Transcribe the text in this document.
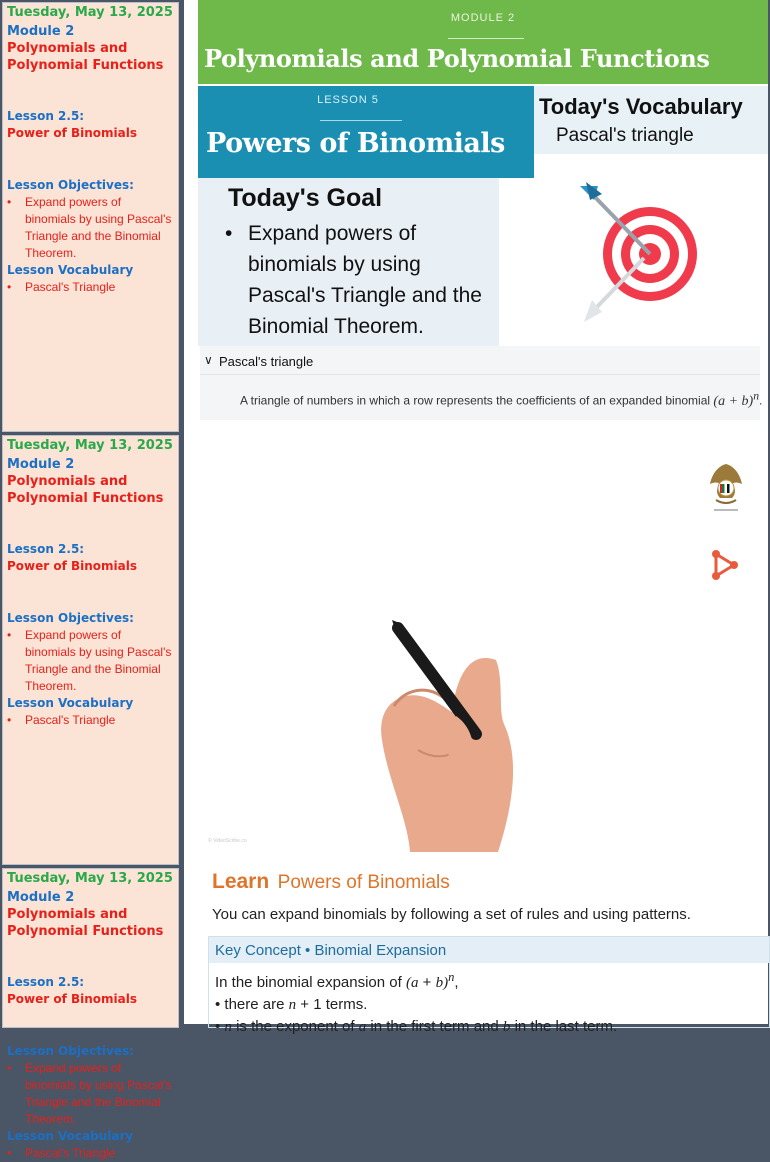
Tuesday, May 13, 2025
Module 2
Polynomials and Polynomial Functions
Lesson 2.5:
Power of Binomials
Lesson Objectives:
• Expand powers of binomials by using Pascal's Triangle and the Binomial Theorem.
Lesson Vocabulary
• Pascal's Triangle
Tuesday, May 13, 2025
Module 2
Polynomials and Polynomial Functions
Lesson 2.5:
Power of Binomials
Lesson Objectives:
• Expand powers of binomials by using Pascal's Triangle and the Binomial Theorem.
Lesson Vocabulary
• Pascal's Triangle
Tuesday, May 13, 2025
Module 2
Polynomials and Polynomial Functions
Lesson 2.5:
Power of Binomials
Lesson Objectives:
• Expand powers of binomials by using Pascal's Triangle and the Binomial Theorem.
Lesson Vocabulary
• Pascal's Triangle
MODULE 2
Polynomials and Polynomial Functions
LESSON 5
Powers of Binomials
Today's Vocabulary
Pascal's triangle
Today's Goal
• Expand powers of binomials by using Pascal's Triangle and the Binomial Theorem.
∨ Pascal's triangle
A triangle of numbers in which a row represents the coefficients of an expanded binomial $(a + b)^n$.
© VideoScribe.co
Learn Powers of Binomials
You can expand binomials by following a set of rules and using patterns.
Key Concept • Binomial Expansion
In the binomial expansion of $(a + b)^n$,
• there are n + 1 terms.
• n is the exponent of a in the first term and b in the last term.
